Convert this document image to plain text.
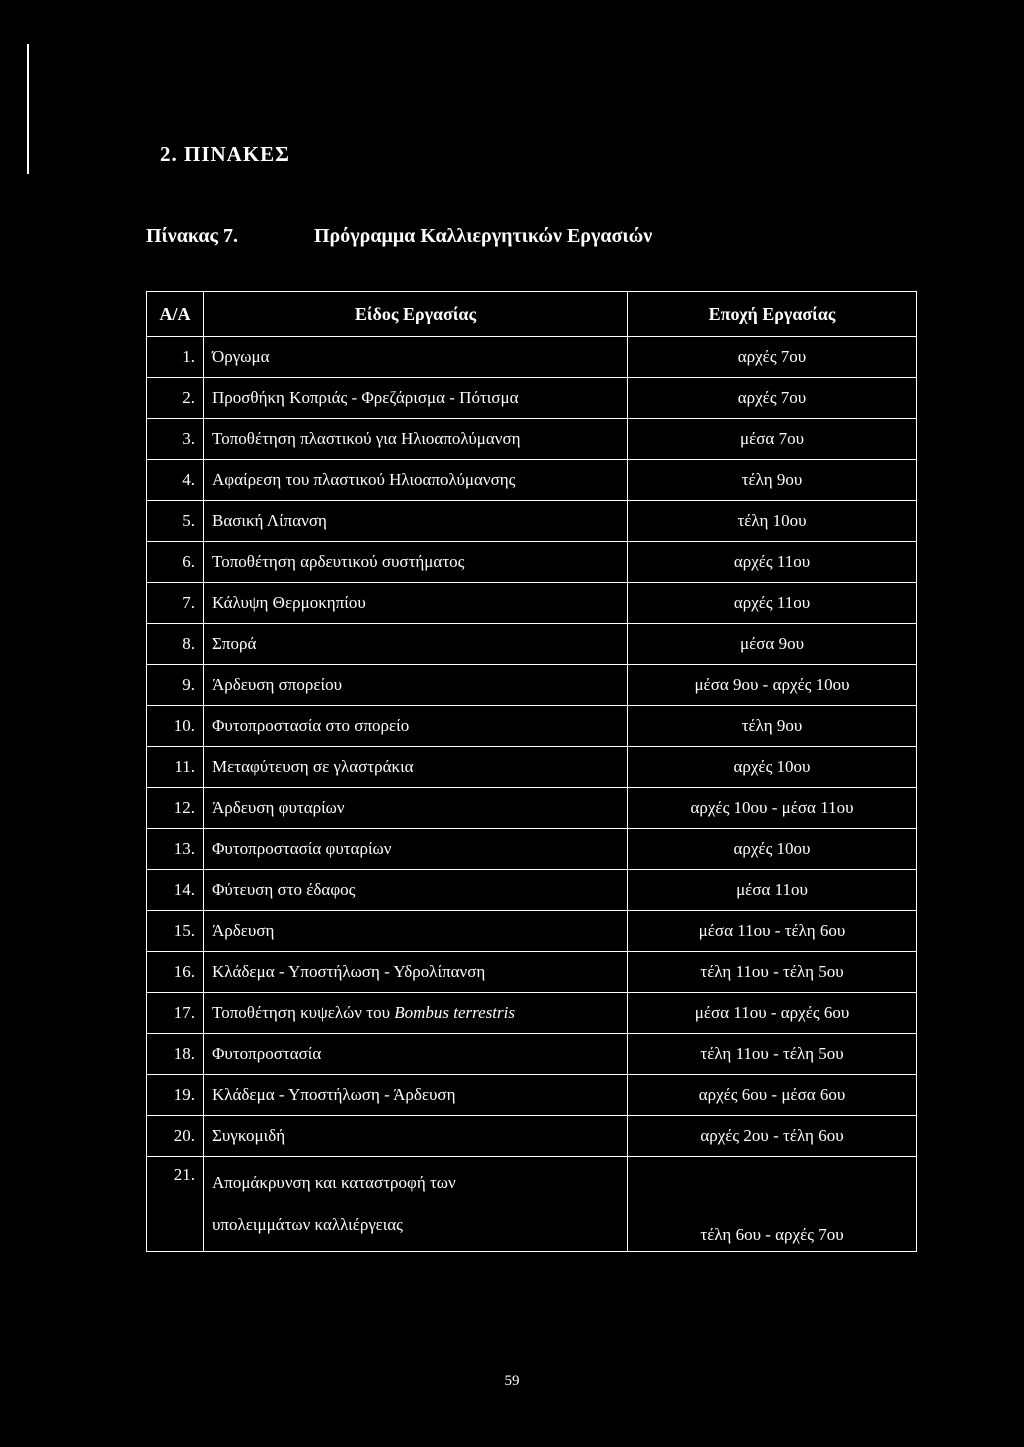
2. ΠΙΝΑΚΕΣ
Πίνακας 7.	Πρόγραμμα Καλλιεργητικών Εργασιών
Α/Α	Είδος Εργασίας	Εποχή Εργασίας
1.	Όργωμα	αρχές 7ου
2.	Προσθήκη Κοπριάς - Φρεζάρισμα - Πότισμα	αρχές 7ου
3.	Τοποθέτηση πλαστικού για Ηλιοαπολύμανση	μέσα 7ου
4.	Αφαίρεση του πλαστικού Ηλιοαπολύμανσης	τέλη 9ου
5.	Βασική Λίπανση	τέλη 10ου
6.	Τοποθέτηση αρδευτικού συστήματος	αρχές 11ου
7.	Κάλυψη Θερμοκηπίου	αρχές 11ου
8.	Σπορά	μέσα 9ου
9.	Άρδευση σπορείου	μέσα 9ου - αρχές 10ου
10.	Φυτοπροστασία στο σπορείο	τέλη 9ου
11.	Μεταφύτευση σε γλαστράκια	αρχές 10ου
12.	Άρδευση φυταρίων	αρχές 10ου - μέσα 11ου
13.	Φυτοπροστασία φυταρίων	αρχές 10ου
14.	Φύτευση στο έδαφος	μέσα 11ου
15.	Άρδευση	μέσα 11ου - τέλη 6ου
16.	Κλάδεμα - Υποστήλωση - Υδρολίπανση	τέλη 11ου - τέλη 5ου
17.	Τοποθέτηση κυψελών του Bombus terrestris	μέσα 11ου - αρχές 6ου
18.	Φυτοπροστασία	τέλη 11ου - τέλη 5ου
19.	Κλάδεμα - Υποστήλωση - Άρδευση	αρχές 6ου - μέσα 6ου
20.	Συγκομιδή	αρχές 2ου - τέλη 6ου
21.	Απομάκρυνση και καταστροφή των
υπολειμμάτων καλλιέργειας	τέλη 6ου - αρχές 7ου
59
